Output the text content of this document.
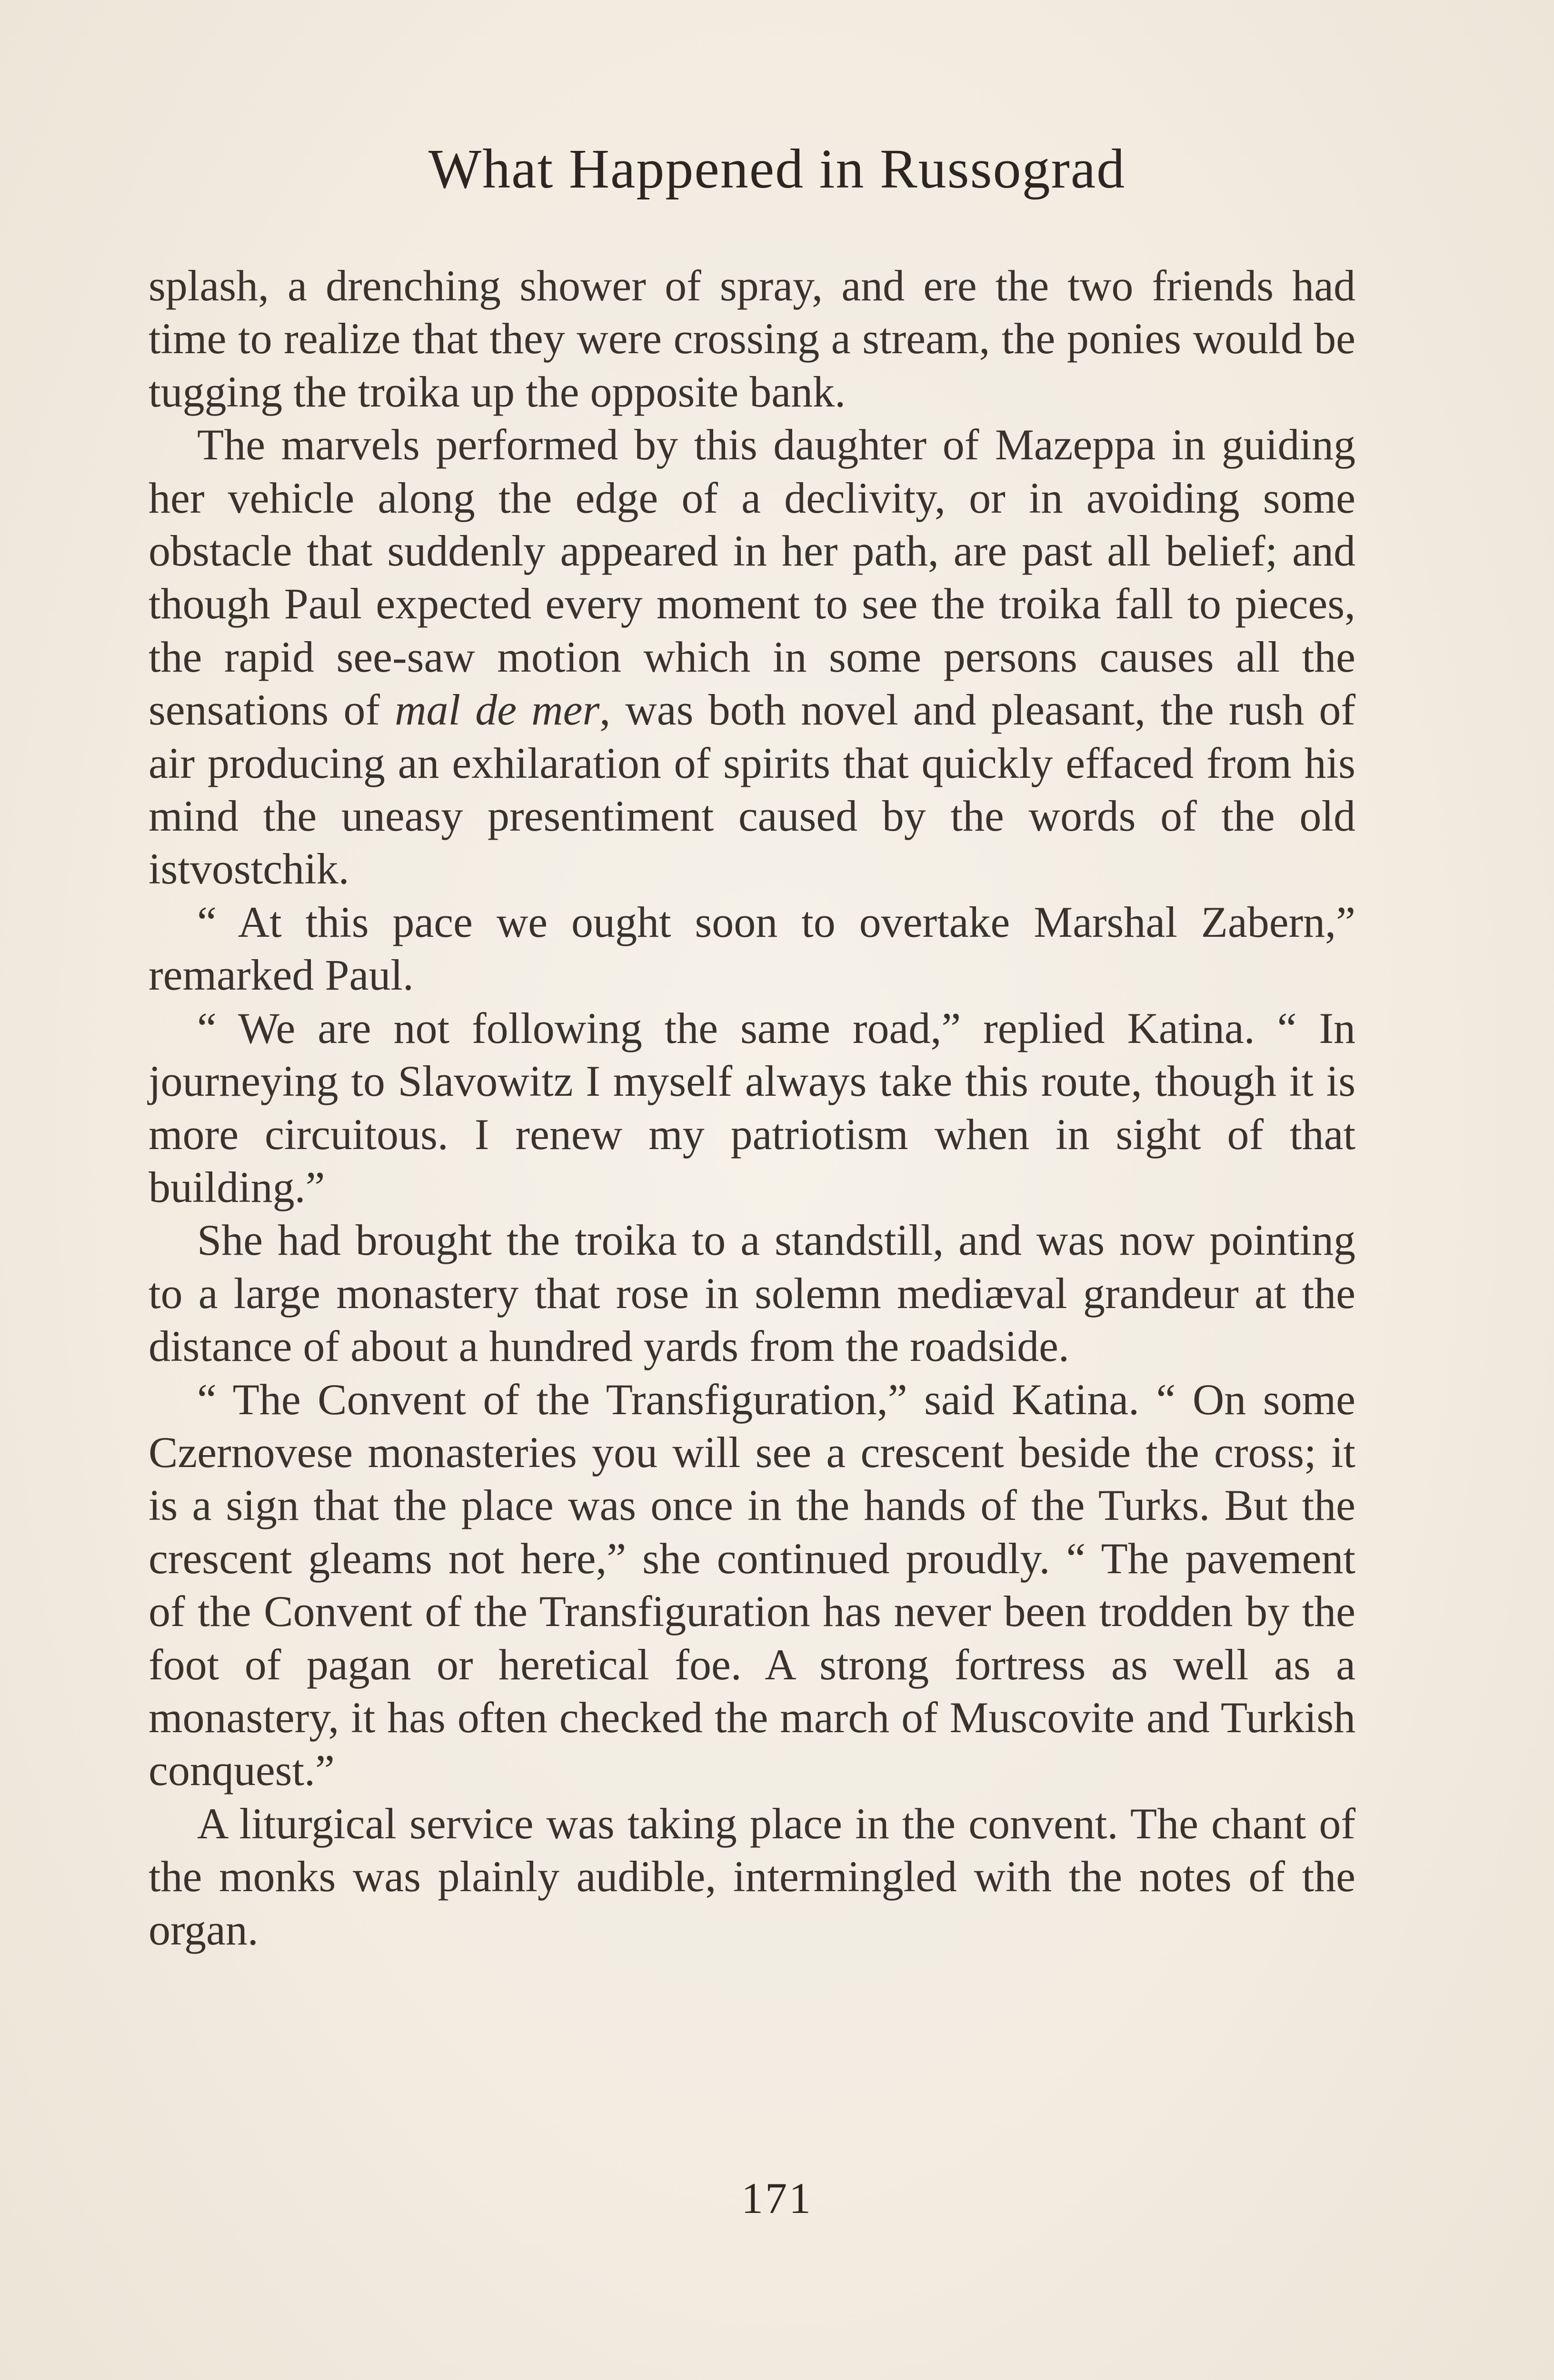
What Happened in Russograd

splash, a drenching shower of spray, and ere the two friends had time to realize that they were crossing a stream, the ponies would be tugging the troika up the opposite bank.

The marvels performed by this daughter of Mazeppa in guiding her vehicle along the edge of a declivity, or in avoiding some obstacle that suddenly appeared in her path, are past all belief; and though Paul expected every moment to see the troika fall to pieces, the rapid see-saw motion which in some persons causes all the sensations of mal de mer, was both novel and pleasant, the rush of air producing an exhilaration of spirits that quickly effaced from his mind the uneasy presentiment caused by the words of the old istvostchik.

“ At this pace we ought soon to overtake Marshal Zabern,” remarked Paul.

“ We are not following the same road,” replied Katina. “ In journeying to Slavowitz I myself always take this route, though it is more circuitous. I renew my patriotism when in sight of that building.”

She had brought the troika to a standstill, and was now pointing to a large monastery that rose in solemn mediæval grandeur at the distance of about a hundred yards from the roadside.

“ The Convent of the Transfiguration,” said Katina. “ On some Czernovese monasteries you will see a crescent beside the cross; it is a sign that the place was once in the hands of the Turks. But the crescent gleams not here,” she continued proudly. “ The pavement of the Convent of the Transfiguration has never been trodden by the foot of pagan or heretical foe. A strong fortress as well as a monastery, it has often checked the march of Muscovite and Turkish conquest.”

A liturgical service was taking place in the convent. The chant of the monks was plainly audible, intermingled with the notes of the organ.

171
